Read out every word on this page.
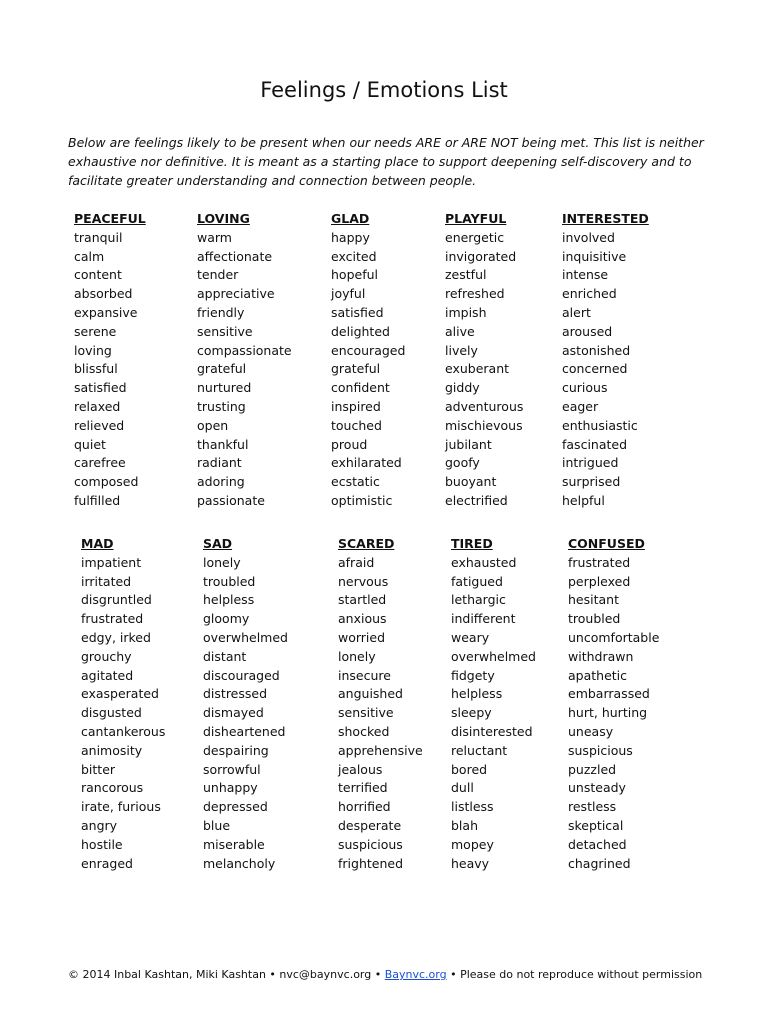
Feelings / Emotions List

Below are feelings likely to be present when our needs ARE or ARE NOT being met. This list is neither exhaustive nor definitive. It is meant as a starting place to support deepening self-discovery and to facilitate greater understanding and connection between people.

PEACEFUL
tranquil
calm
content
absorbed
expansive
serene
loving
blissful
satisfied
relaxed
relieved
quiet
carefree
composed
fulfilled
LOVING
warm
affectionate
tender
appreciative
friendly
sensitive
compassionate
grateful
nurtured
trusting
open
thankful
radiant
adoring
passionate
GLAD
happy
excited
hopeful
joyful
satisfied
delighted
encouraged
grateful
confident
inspired
touched
proud
exhilarated
ecstatic
optimistic
PLAYFUL
energetic
invigorated
zestful
refreshed
impish
alive
lively
exuberant
giddy
adventurous
mischievous
jubilant
goofy
buoyant
electrified
INTERESTED
involved
inquisitive
intense
enriched
alert
aroused
astonished
concerned
curious
eager
enthusiastic
fascinated
intrigued
surprised
helpful
MAD
impatient
irritated
disgruntled
frustrated
edgy, irked
grouchy
agitated
exasperated
disgusted
cantankerous
animosity
bitter
rancorous
irate, furious
angry
hostile
enraged
SAD
lonely
troubled
helpless
gloomy
overwhelmed
distant
discouraged
distressed
dismayed
disheartened
despairing
sorrowful
unhappy
depressed
blue
miserable
melancholy
SCARED
afraid
nervous
startled
anxious
worried
lonely
insecure
anguished
sensitive
shocked
apprehensive
jealous
terrified
horrified
desperate
suspicious
frightened
TIRED
exhausted
fatigued
lethargic
indifferent
weary
overwhelmed
fidgety
helpless
sleepy
disinterested
reluctant
bored
dull
listless
blah
mopey
heavy
CONFUSED
frustrated
perplexed
hesitant
troubled
uncomfortable
withdrawn
apathetic
embarrassed
hurt, hurting
uneasy
suspicious
puzzled
unsteady
restless
skeptical
detached
chagrined
© 2014 Inbal Kashtan, Miki Kashtan • nvc@baynvc.org • Baynvc.org • Please do not reproduce without permission
